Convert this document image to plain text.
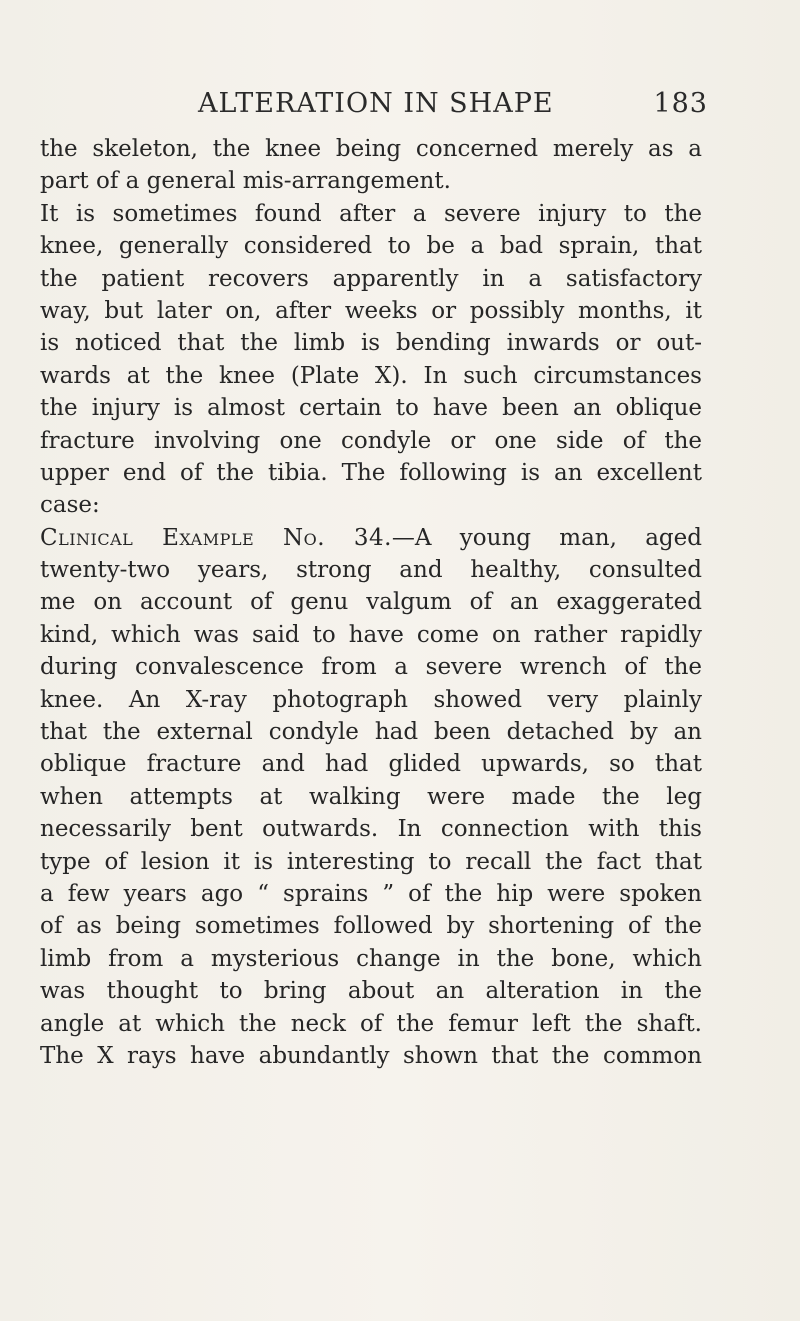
ALTERATION IN SHAPE	183
the skeleton, the knee being concerned merely as a
part of a general mis-arrangement.
It is sometimes found after a severe injury to the
knee, generally considered to be a bad sprain, that
the patient recovers apparently in a satisfactory
way, but later on, after weeks or possibly months, it
is noticed that the limb is bending inwards or out-
wards at the knee (Plate X). In such circumstances
the injury is almost certain to have been an oblique
fracture involving one condyle or one side of the
upper end of the tibia. The following is an excellent
case:
Clinical Example No. 34.—A young man, aged
twenty-two years, strong and healthy, consulted
me on account of genu valgum of an exaggerated
kind, which was said to have come on rather rapidly
during convalescence from a severe wrench of the
knee. An X-ray photograph showed very plainly
that the external condyle had been detached by an
oblique fracture and had glided upwards, so that
when attempts at walking were made the leg
necessarily bent outwards. In connection with this
type of lesion it is interesting to recall the fact that
a few years ago “ sprains ” of the hip were spoken
of as being sometimes followed by shortening of the
limb from a mysterious change in the bone, which
was thought to bring about an alteration in the
angle at which the neck of the femur left the shaft.
The X rays have abundantly shown that the common
